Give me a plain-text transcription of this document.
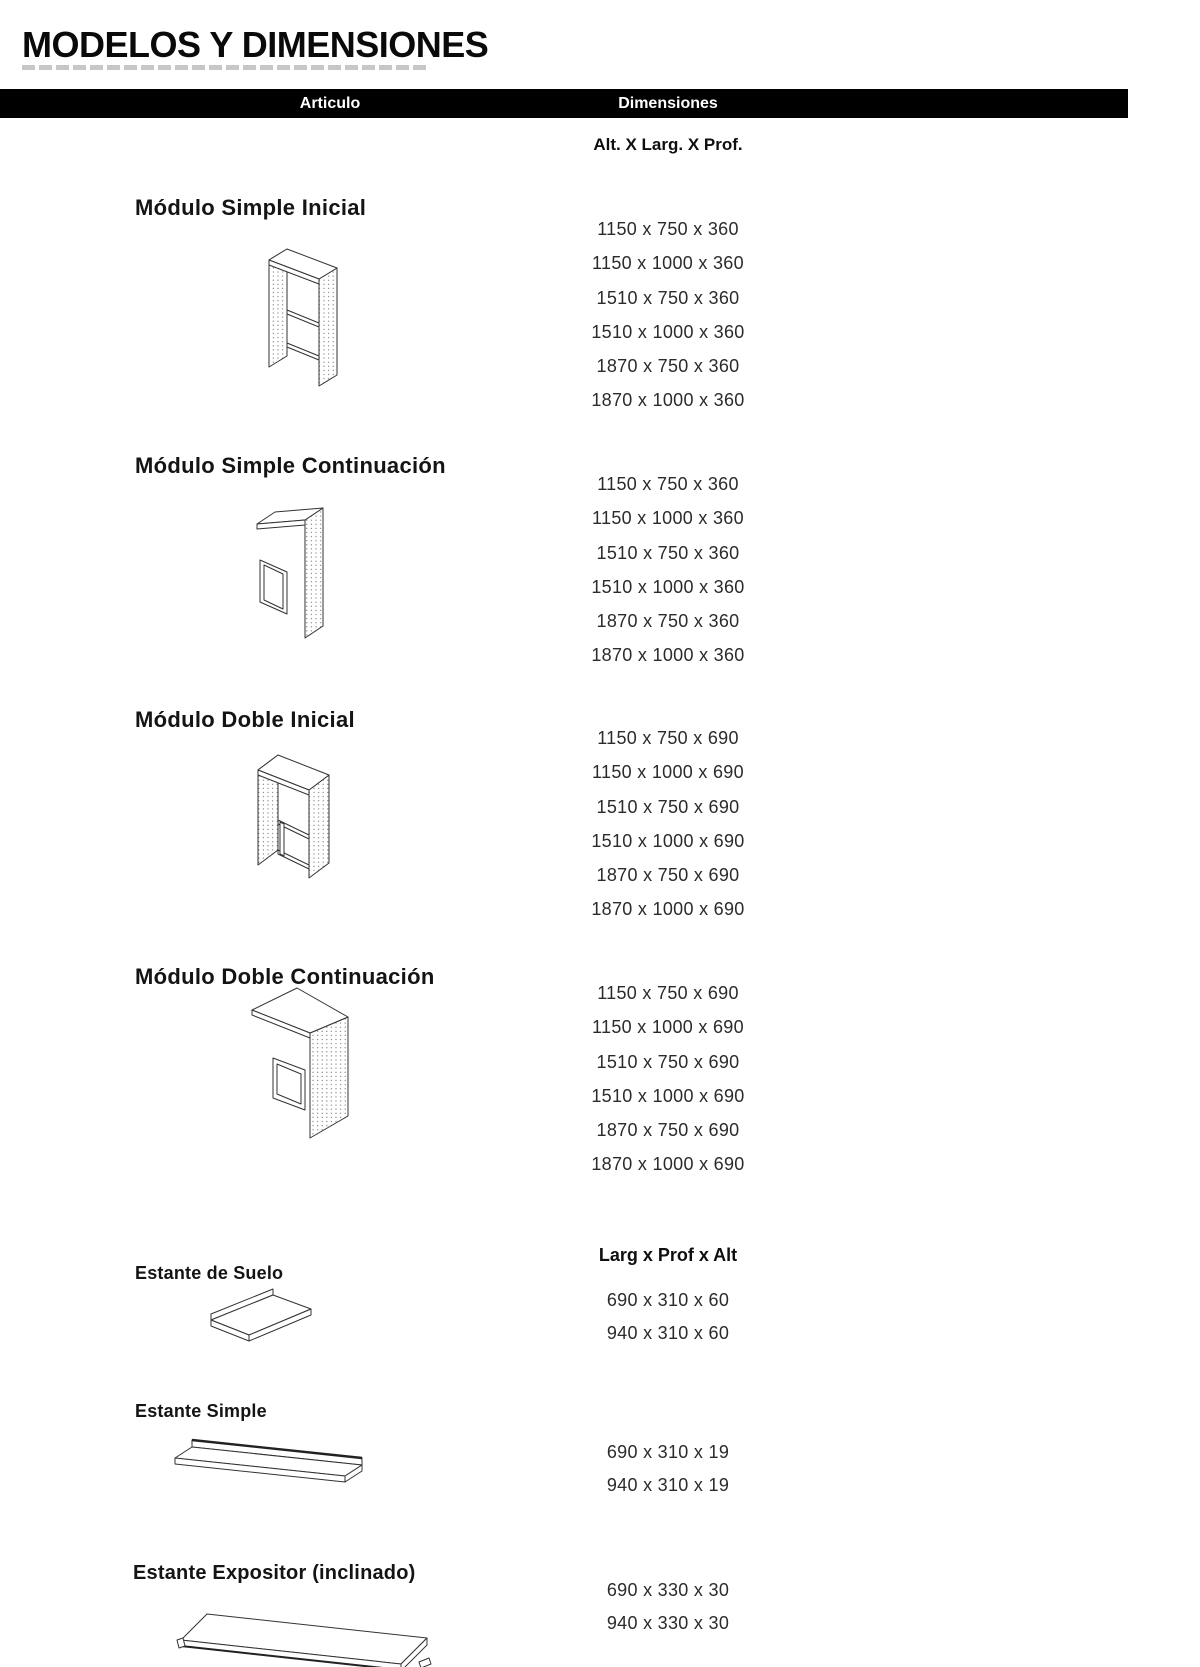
MODELOS Y DIMENSIONES
Articulo	Dimensiones
Alt. X Larg. X Prof.
Módulo Simple Inicial
1150 x 750 x 360
1150 x 1000 x 360
1510 x 750 x 360
1510 x 1000 x 360
1870 x 750 x 360
1870 x 1000 x 360
Módulo Simple Continuación
1150 x 750 x 360
1150 x 1000 x 360
1510 x 750 x 360
1510 x 1000 x 360
1870 x 750 x 360
1870 x 1000 x 360
Módulo Doble Inicial
1150 x 750 x 690
1150 x 1000 x 690
1510 x 750 x 690
1510 x 1000 x 690
1870 x 750 x 690
1870 x 1000 x 690
Módulo Doble Continuación
1150 x 750 x 690
1150 x 1000 x 690
1510 x 750 x 690
1510 x 1000 x 690
1870 x 750 x 690
1870 x 1000 x 690
Estante de Suelo
Larg x Prof x Alt
690 x 310 x 60
940 x 310 x 60
Estante Simple
690 x 310 x 19
940 x 310 x 19
Estante Expositor (inclinado)
690 x 330 x 30
940 x 330 x 30
